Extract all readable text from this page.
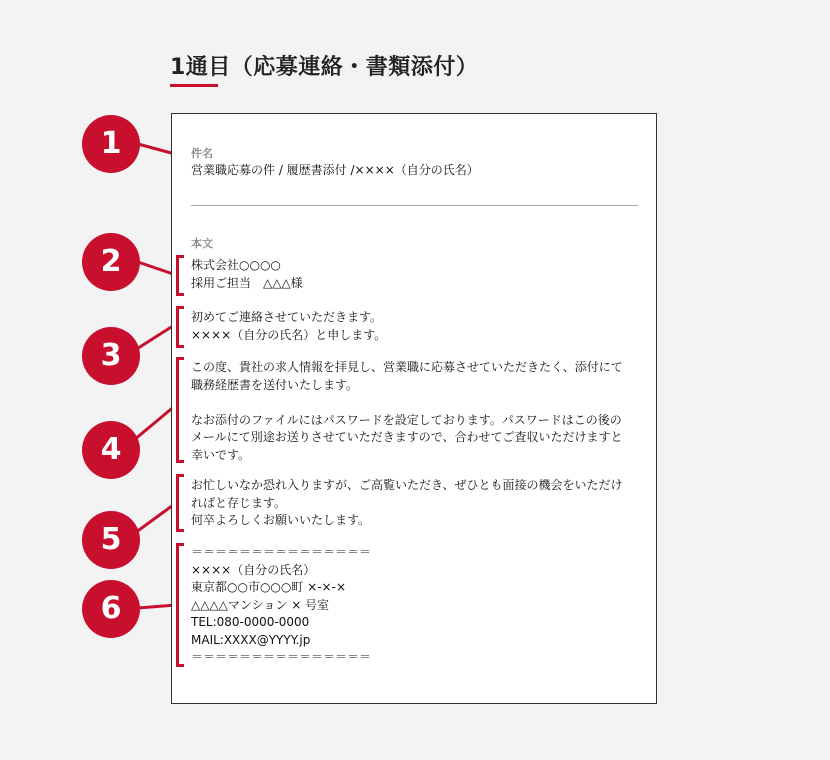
1通目（応募連絡・書類添付）
件名
営業職応募の件 / 履歴書添付 /××××（自分の氏名）
本文
株式会社○○○○
採用ご担当　△△△様
初めてご連絡させていただきます。
××××（自分の氏名）と申します。
この度、貴社の求人情報を拝見し、営業職に応募させていただきたく、添付にて
職務経歴書を送付いたします。

なお添付のファイルにはパスワードを設定しております。パスワードはこの後の
メールにて別途お送りさせていただきますので、合わせてご査収いただけますと
幸いです。
お忙しいなか恐れ入りますが、ご高覧いただき、ぜひとも面接の機会をいただけ
ればと存じます。
何卒よろしくお願いいたします。
＝＝＝＝＝＝＝＝＝＝＝＝＝＝＝
××××（自分の氏名）
東京都○○市○○○町 ×-×-×
△△△△マンション × 号室
TEL:080-0000-0000
MAIL:XXXX@YYYY.jp
＝＝＝＝＝＝＝＝＝＝＝＝＝＝＝
1
2
3
4
5
6
